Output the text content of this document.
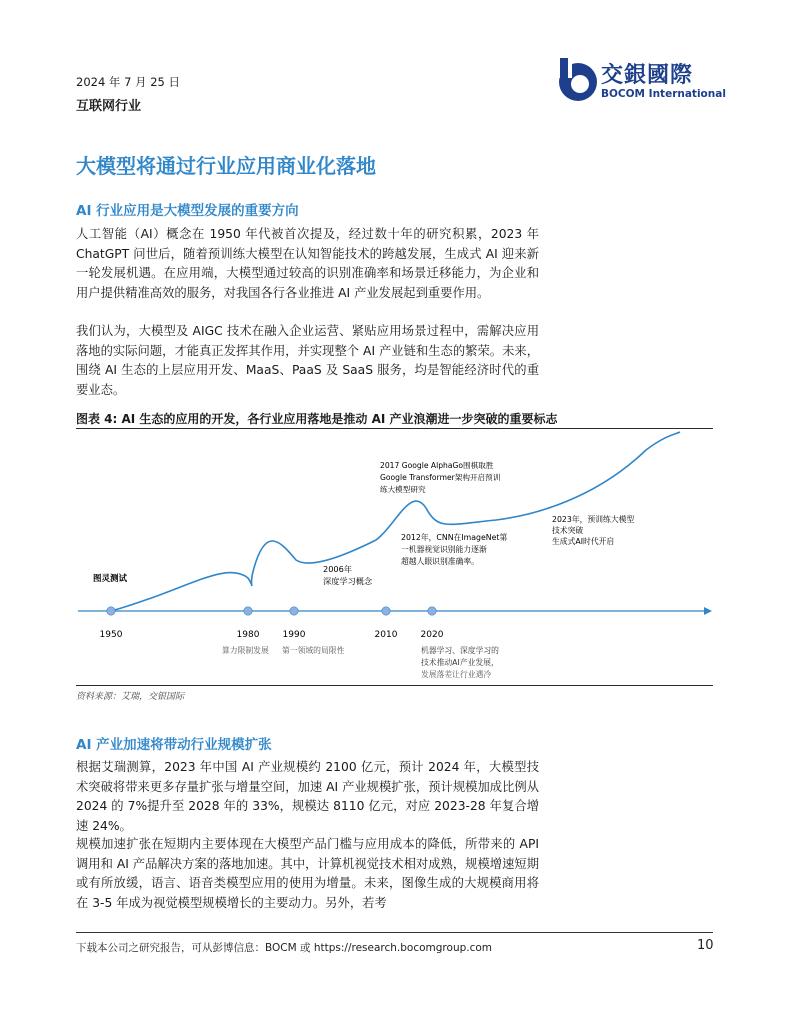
2024 年 7 月 25 日
互联网行业
交銀國際
BOCOM International
大模型将通过行业应用商业化落地
AI 行业应用是大模型发展的重要方向
人工智能（AI）概念在 1950 年代被首次提及，经过数十年的研究积累，2023 年 ChatGPT 问世后，随着预训练大模型在认知智能技术的跨越发展，生成式 AI 迎来新一轮发展机遇。在应用端，大模型通过较高的识别准确率和场景迁移能力，为企业和用户提供精准高效的服务，对我国各行各业推进 AI 产业发展起到重要作用。
我们认为，大模型及 AIGC 技术在融入企业运营、紧贴应用场景过程中，需解决应用落地的实际问题，才能真正发挥其作用，并实现整个 AI 产业链和生态的繁荣。未来，围绕 AI 生态的上层应用开发、MaaS、PaaS 及 SaaS 服务，均是智能经济时代的重要业态。
图表 4: AI 生态的应用的开发，各行业应用落地是推动 AI 产业浪潮进一步突破的重要标志
1950	1980	1990	2010	2020
图灵测试
2006年
深度学习概念
2012年，CNN在ImageNet第
一机器视觉识别能力逐渐
超越人眼识别准确率。
2017 Google AlphaGo围棋取胜
Google Transformer架构开启预训
练大模型研究
2023年，预训练大模型
技术突破
生成式AI时代开启
算力限制发展 第一领域的局限性	机器学习、深度学习的
技术推动AI产业发展，
发展落差让行业遇冷
资料来源：艾瑞，交银国际
AI 产业加速将带动行业规模扩张
根据艾瑞测算，2023 年中国 AI 产业规模约 2100 亿元，预计 2024 年，大模型技术突破将带来更多存量扩张与增量空间，加速 AI 产业规模扩张，预计规模加成比例从 2024 的 7%提升至 2028 年的 33%，规模达 8110 亿元，对应 2023-28 年复合增速 24%。
规模加速扩张在短期内主要体现在大模型产品门槛与应用成本的降低，所带来的 API 调用和 AI 产品解决方案的落地加速。其中，计算机视觉技术相对成熟，规模增速短期或有所放缓，语言、语音类模型应用的使用为增量。未来，图像生成的大规模商用将在 3-5 年成为视觉模型规模增长的主要动力。另外，若考
下载本公司之研究报告，可从彭博信息：BOCM 或 https://research.bocomgroup.com	10
